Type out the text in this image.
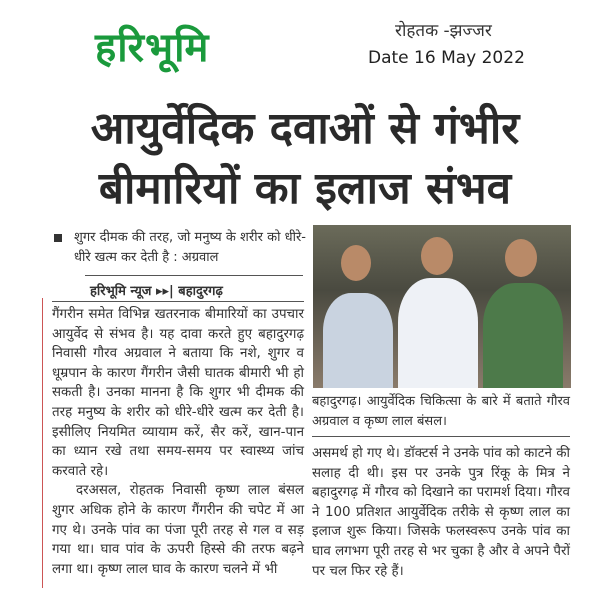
हरिभूमि	रोहतक -झज्जर
Date 16 May 2022
आयुर्वेदिक दवाओं से गंभीर
बीमारियों का इलाज संभव
शुगर दीमक की तरह, जो मनुष्य के शरीर को धीरे-धीरे खत्म कर देती है : अग्रवाल
हरिभूमि न्यूज ▸▸| बहादुरगढ़
गैंगरीन समेत विभिन्न खतरनाक बीमारियों का उपचार आयुर्वेद से संभव है। यह दावा करते हुए बहादुरगढ़ निवासी गौरव अग्रवाल ने बताया कि नशे, शुगर व धूम्रपान के कारण गैंगरीन जैसी घातक बीमारी भी हो सकती है। उनका मानना है कि शुगर भी दीमक की तरह मनुष्य के शरीर को धीरे-धीरे खत्म कर देती है। इसीलिए नियमित व्यायाम करें, सैर करें, खान-पान का ध्यान रखे तथा समय-समय पर स्वास्थ्य जांच करवाते रहे।
दरअसल, रोहतक निवासी कृष्ण लाल बंसल शुगर अधिक होने के कारण गैंगरीन की चपेट में आ गए थे। उनके पांव का पंजा पूरी तरह से गल व सड़ गया था। घाव पांव के ऊपरी हिस्से की तरफ बढ़ने लगा था। कृष्ण लाल घाव के कारण चलने में भी
बहादुरगढ़। आयुर्वेदिक चिकित्सा के बारे में बताते गौरव अग्रवाल व कृष्ण लाल बंसल।
असमर्थ हो गए थे। डॉक्टर्स ने उनके पांव को काटने की सलाह दी थी। इस पर उनके पुत्र रिंकू के मित्र ने बहादुरगढ़ में गौरव को दिखाने का परामर्श दिया। गौरव ने 100 प्रतिशत आयुर्वेदिक तरीके से कृष्ण लाल का इलाज शुरू किया। जिसके फलस्वरूप उनके पांव का घाव लगभग पूरी तरह से भर चुका है और वे अपने पैरों पर चल फिर रहे हैं।
